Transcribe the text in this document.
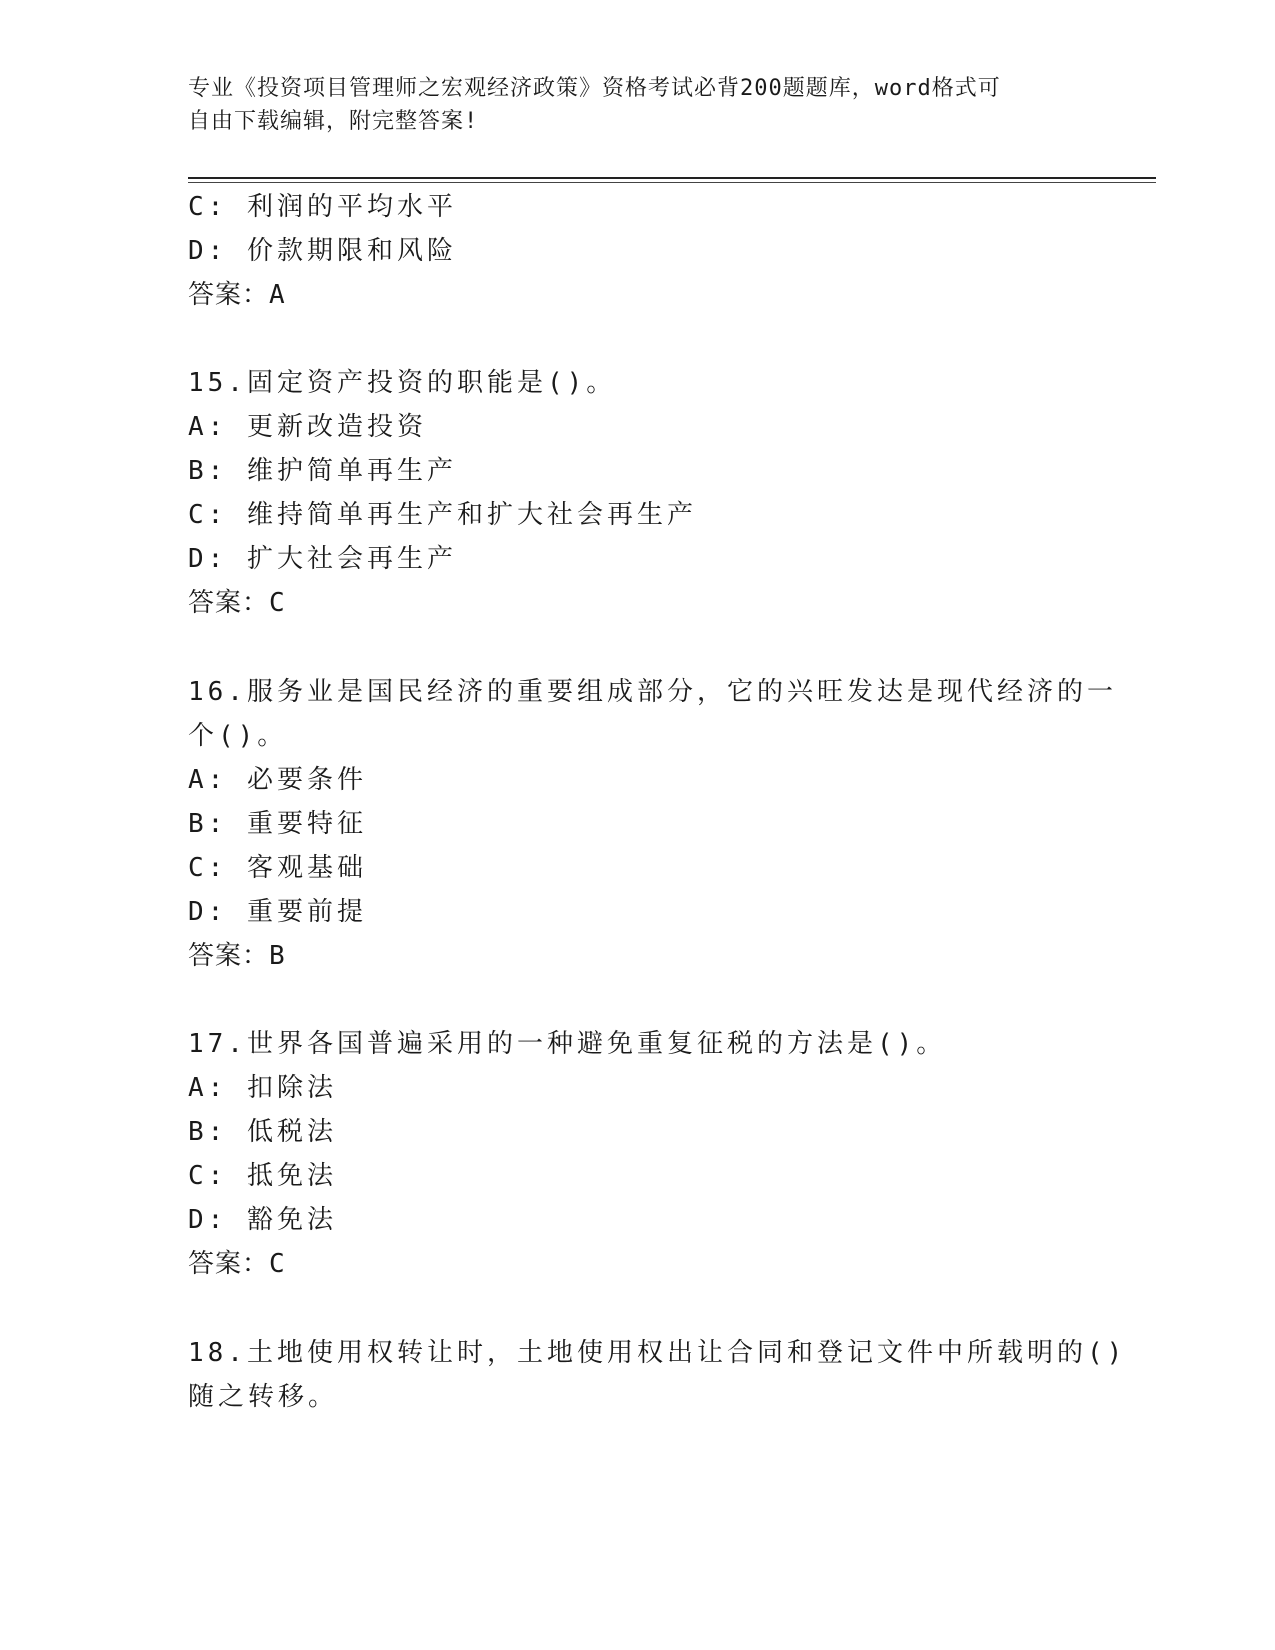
专业《投资项目管理师之宏观经济政策》资格考试必背200题题库，word格式可
自由下载编辑，附完整答案!
C: 利润的平均水平
D: 价款期限和风险
答案：A
15.固定资产投资的职能是()。
A: 更新改造投资
B: 维护简单再生产
C: 维持简单再生产和扩大社会再生产
D: 扩大社会再生产
答案：C
16.服务业是国民经济的重要组成部分，它的兴旺发达是现代经济的一
个()。
A: 必要条件
B: 重要特征
C: 客观基础
D: 重要前提
答案：B
17.世界各国普遍采用的一种避免重复征税的方法是()。
A: 扣除法
B: 低税法
C: 抵免法
D: 豁免法
答案：C
18.土地使用权转让时，土地使用权出让合同和登记文件中所载明的()
随之转移。
